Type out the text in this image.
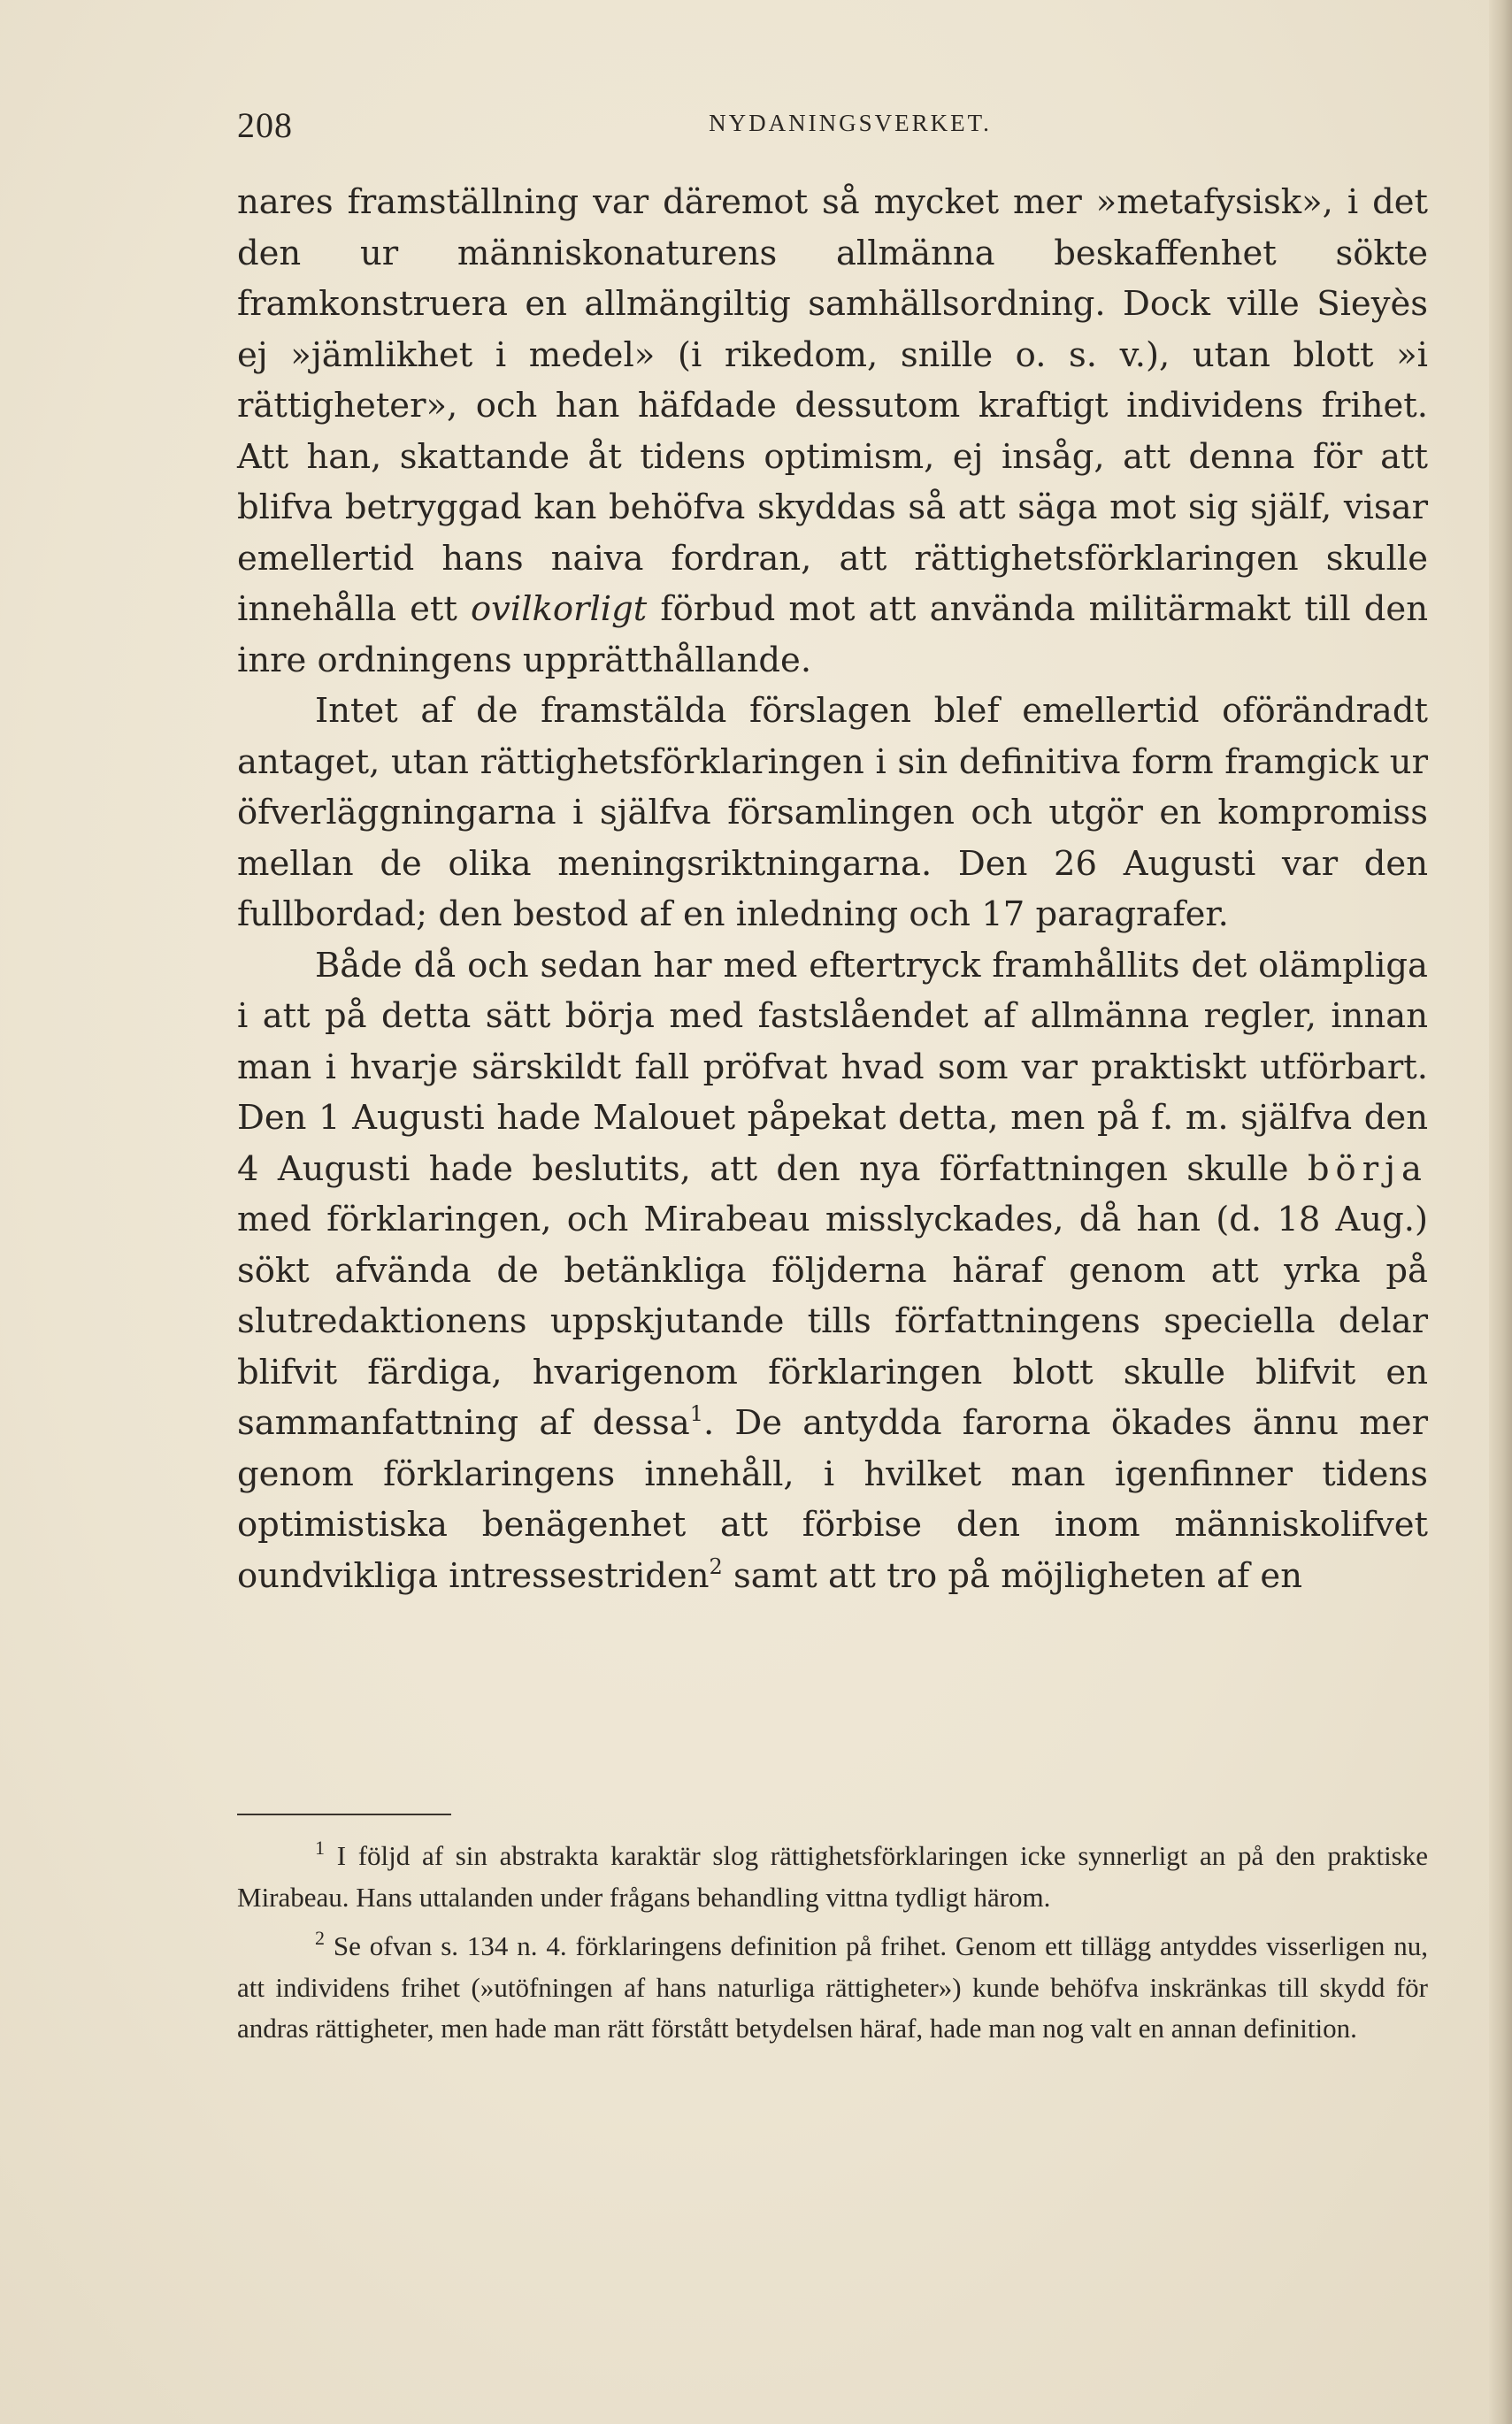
208	NYDANINGSVERKET.

nares framställning var däremot så mycket mer »metafysisk», i det den ur människonaturens allmänna beskaffenhet sökte framkonstruera en allmängiltig samhällsordning. Dock ville Sieyès ej »jämlikhet i medel» (i rikedom, snille o. s. v.), utan blott »i rättigheter», och han häfdade dessutom kraftigt individens frihet. Att han, skattande åt tidens optimism, ej insåg, att denna för att blifva betryggad kan behöfva skyddas så att säga mot sig själf, visar emellertid hans naiva fordran, att rättighetsförklaringen skulle innehålla ett ovilkorligt förbud mot att använda militärmakt till den inre ordningens upprätthållande.

Intet af de framstälda förslagen blef emellertid oförändradt antaget, utan rättighetsförklaringen i sin definitiva form framgick ur öfverläggningarna i själfva församlingen och utgör en kompromiss mellan de olika meningsriktningarna. Den 26 Augusti var den fullbordad; den bestod af en inledning och 17 paragrafer.

Både då och sedan har med eftertryck framhållits det olämpliga i att på detta sätt börja med fastslåendet af allmänna regler, innan man i hvarje särskildt fall pröfvat hvad som var praktiskt utförbart. Den 1 Augusti hade Malouet påpekat detta, men på f. m. själfva den 4 Augusti hade beslutits, att den nya författningen skulle börja med förklaringen, och Mirabeau misslyckades, då han (d. 18 Aug.) sökt afvända de betänkliga följderna häraf genom att yrka på slutredaktionens uppskjutande tills författningens speciella delar blifvit färdiga, hvarigenom förklaringen blott skulle blifvit en sammanfattning af dessa$^1$. De antydda farorna ökades ännu mer genom förklaringens innehåll, i hvilket man igenfinner tidens optimistiska benägenhet att förbise den inom människolifvet oundvikliga intressestriden$^2$ samt att tro på möjligheten af en

$^1$ I följd af sin abstrakta karaktär slog rättighetsförklaringen icke synnerligt an på den praktiske Mirabeau. Hans uttalanden under frågans behandling vittna tydligt härom.

$^2$ Se ofvan s. 134 n. 4. förklaringens definition på frihet. Genom ett tillägg antyddes visserligen nu, att individens frihet (»utöfningen af hans naturliga rättigheter») kunde behöfva inskränkas till skydd för andras rättigheter, men hade man rätt förstått betydelsen häraf, hade man nog valt en annan definition.
